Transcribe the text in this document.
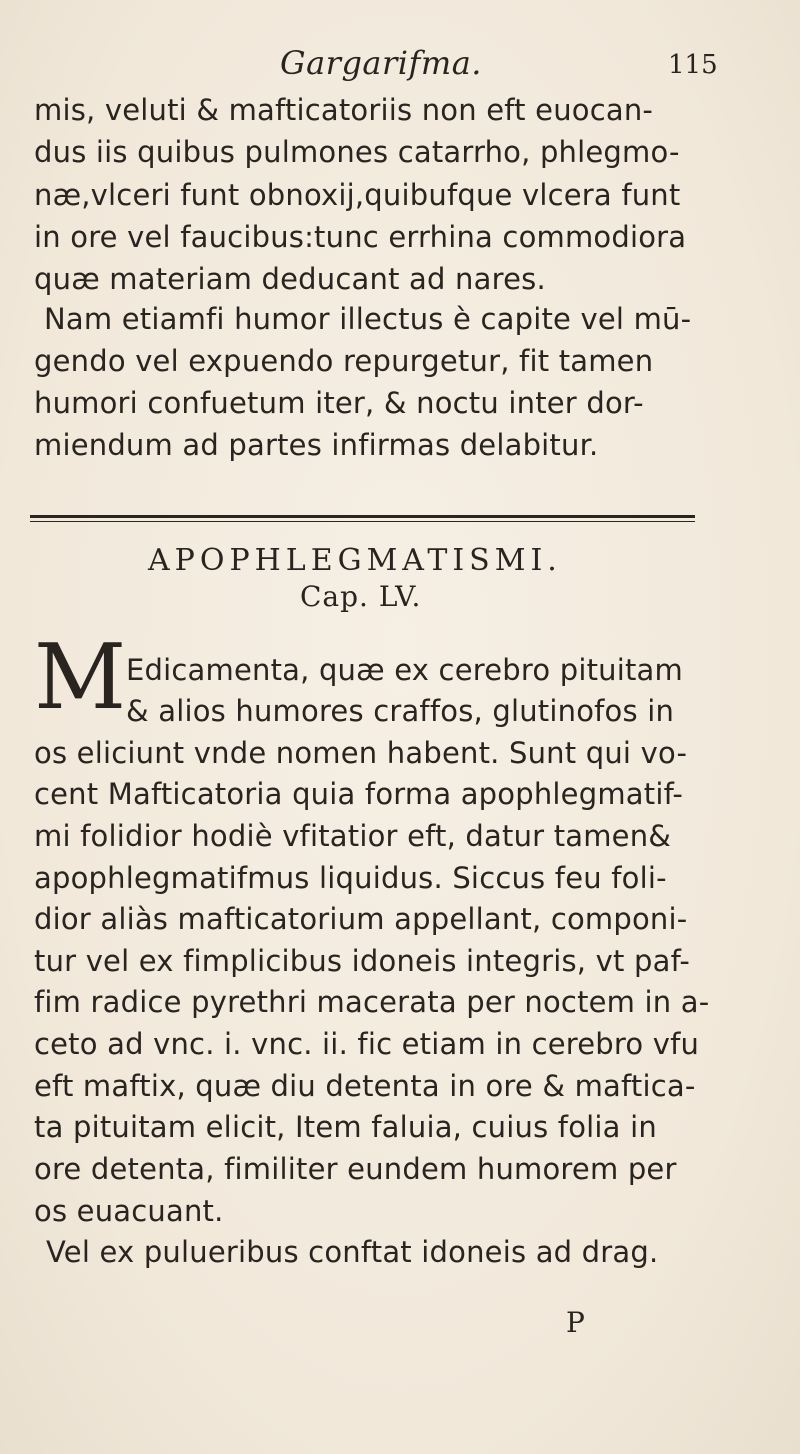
Gargarifma.	115
mis, veluti & mafticatoriis non eft euocan-
dus iis quibus pulmones catarrho, phlegmo-
næ,vlceri funt obnoxij,quibufque vlcera funt
in ore vel faucibus:tunc errhina commodiora
quæ materiam deducant ad nares.
Nam etiamfi humor illectus è capite vel mū-
gendo vel expuendo repurgetur, fit tamen
humori confuetum iter, & noctu inter dor-
miendum ad partes infirmas delabitur.
APOPHLEGMATISMI.
Cap. LV.
M Edicamenta, quæ ex cerebro pituitam
& alios humores craffos, glutinofos in
os eliciunt vnde nomen habent. Sunt qui vo-
cent Mafticatoria quia forma apophlegmatif-
mi folidior hodiè vfitatior eft, datur tamen&
apophlegmatifmus liquidus. Siccus feu foli-
dior aliàs mafticatorium appellant, componi-
tur vel ex fimplicibus idoneis integris, vt paf-
fim radice pyrethri macerata per noctem in a-
ceto ad vnc. i. vnc. ii. fic etiam in cerebro vfu
eft maftix, quæ diu detenta in ore & maftica-
ta pituitam elicit, Item faluia, cuius folia in
ore detenta, fimiliter eundem humorem per
os euacuant.
Vel ex pulueribus conftat idoneis ad drag.
P
